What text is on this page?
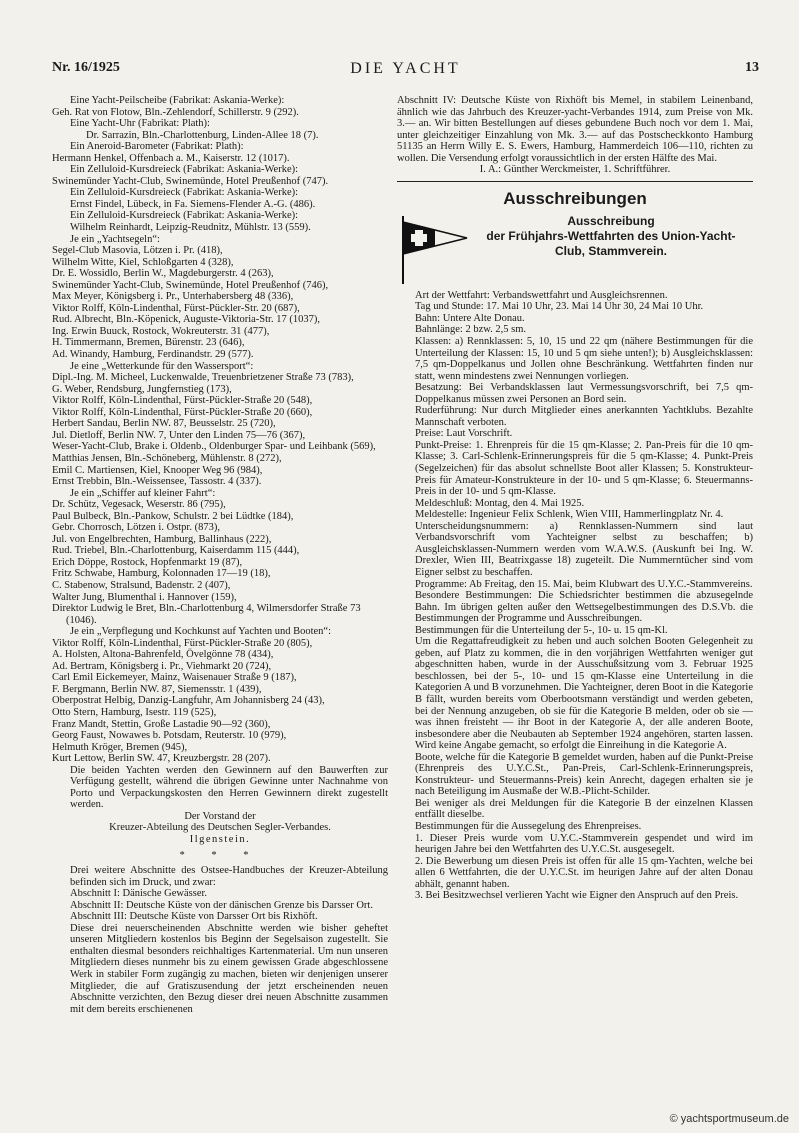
Nr. 16/1925	DIE YACHT	13

Eine Yacht-Peilscheibe (Fabrikat: Askania-Werke):

Geh. Rat von Flotow, Bln.-Zehlendorf, Schillerstr. 9 (292).

Eine Yacht-Uhr (Fabrikat: Plath):

Dr. Sarrazin, Bln.-Charlottenburg, Linden-Allee 18 (7).

Ein Aneroid-Barometer (Fabrikat: Plath):

Hermann Henkel, Offenbach a. M., Kaiserstr. 12 (1017).

Ein Zelluloid-Kursdreieck (Fabrikat: Askania-Werke):

Swinemünder Yacht-Club, Swinemünde, Hotel Preußenhof (747).

Ein Zelluloid-Kursdreieck (Fabrikat: Askania-Werke):

Ernst Findel, Lübeck, in Fa. Siemens-Flender A.-G. (486).

Ein Zelluloid-Kursdreieck (Fabrikat: Askania-Werke):

Wilhelm Reinhardt, Leipzig-Reudnitz, Mühlstr. 13 (559).

Je ein „Yachtsegeln“:

Segel-Club Masovia, Lötzen i. Pr. (418),

Wilhelm Witte, Kiel, Schloßgarten 4 (328),

Dr. E. Wossidlo, Berlin W., Magdeburgerstr. 4 (263),

Swinemünder Yacht-Club, Swinemünde, Hotel Preußenhof (746),

Max Meyer, Königsberg i. Pr., Unterhabersberg 48 (336),

Viktor Rolff, Köln-Lindenthal, Fürst-Pückler-Str. 20 (687),

Rud. Albrecht, Bln.-Köpenick, Auguste-Viktoria-Str. 17 (1037),

Ing. Erwin Buuck, Rostock, Wokreuterstr. 31 (477),

H. Timmermann, Bremen, Bürenstr. 23 (646),

Ad. Winandy, Hamburg, Ferdinandstr. 29 (577).

Je eine „Wetterkunde für den Wassersport“:

Dipl.-Ing. M. Micheel, Luckenwalde, Treuenbrietzener Straße 73 (783),

G. Weber, Rendsburg, Jungfernstieg (173),

Viktor Rolff, Köln-Lindenthal, Fürst-Pückler-Straße 20 (548),

Viktor Rolff, Köln-Lindenthal, Fürst-Pückler-Straße 20 (660),

Herbert Sandau, Berlin NW. 87, Beusselstr. 25 (720),

Jul. Dietloff, Berlin NW. 7, Unter den Linden 75—76 (367),

Weser-Yacht-Club, Brake i. Oldenb., Oldenburger Spar- und Leihbank (569),

Matthias Jensen, Bln.-Schöneberg, Mühlenstr. 8 (272),

Emil C. Martiensen, Kiel, Knooper Weg 96 (984),

Ernst Trebbin, Bln.-Weissensee, Tassostr. 4 (337).

Je ein „Schiffer auf kleiner Fahrt“:

Dr. Schütz, Vegesack, Weserstr. 86 (795),

Paul Bulbeck, Bln.-Pankow, Schulstr. 2 bei Lüdtke (184),

Gebr. Chorrosch, Lötzen i. Ostpr. (873),

Jul. von Engelbrechten, Hamburg, Ballinhaus (222),

Rud. Triebel, Bln.-Charlottenburg, Kaiserdamm 115 (444),

Erich Döppe, Rostock, Hopfenmarkt 19 (87),

Fritz Schwabe, Hamburg, Kolonnaden 17—19 (18),

C. Stabenow, Stralsund, Badenstr. 2 (407),

Walter Jung, Blumenthal i. Hannover (159),

Direktor Ludwig le Bret, Bln.-Charlottenburg 4, Wilmersdorfer Straße 73 (1046).

Je ein „Verpflegung und Kochkunst auf Yachten und Booten“:

Viktor Rolff, Köln-Lindenthal, Fürst-Pückler-Straße 20 (805),

A. Holsten, Altona-Bahrenfeld, Övelgönne 78 (434),

Ad. Bertram, Königsberg i. Pr., Viehmarkt 20 (724),

Carl Emil Eickemeyer, Mainz, Waisenauer Straße 9 (187),

F. Bergmann, Berlin NW. 87, Siemensstr. 1 (439),

Oberpostrat Helbig, Danzig-Langfuhr, Am Johannisberg 24 (43),

Otto Stern, Hamburg, Isestr. 119 (525),

Franz Mandt, Stettin, Große Lastadie 90—92 (360),

Georg Faust, Nowawes b. Potsdam, Reuterstr. 10 (979),

Helmuth Kröger, Bremen (945),

Kurt Lettow, Berlin SW. 47, Kreuzbergstr. 28 (207).

Die beiden Yachten werden den Gewinnern auf den Bauwerften zur Verfügung gestellt, während die übrigen Gewinne unter Nachnahme von Porto und Verpackungskosten den Herren Gewinnern direkt zugestellt werden.

Der Vorstand der

Kreuzer-Abteilung des Deutschen Segler-Verbandes.

Ilgenstein.

* * *

Drei weitere Abschnitte des Ostsee-Handbuches der Kreuzer-Abteilung befinden sich im Druck, und zwar:

Abschnitt I: Dänische Gewässer.

Abschnitt II: Deutsche Küste von der dänischen Grenze bis Darsser Ort.

Abschnitt III: Deutsche Küste von Darsser Ort bis Rixhöft.

Diese drei neuerscheinenden Abschnitte werden wie bisher geheftet unseren Mitgliedern kostenlos bis Beginn der Segelsaison zugestellt. Sie enthalten diesmal besonders reichhaltiges Kartenmaterial. Um nun unseren Mitgliedern dieses nunmehr bis zu einem gewissen Grade abgeschlossene Werk in stabiler Form zugängig zu machen, bieten wir denjenigen unserer Mitglieder, die auf Gratiszusendung der jetzt erscheinenden neuen Abschnitte verzichten, den Bezug dieser drei neuen Abschnitte zusammen mit dem bereits erschienenen

Abschnitt IV: Deutsche Küste von Rixhöft bis Memel, in stabilem Leinenband, ähnlich wie das Jahrbuch des Kreuzer-yacht-Verbandes 1914, zum Preise von Mk. 3.— an. Wir bitten Bestellungen auf dieses gebundene Buch noch vor dem 1. Mai, unter gleichzeitiger Einzahlung von Mk. 3.— auf das Postscheckkonto Hamburg 51135 an Herrn Willy E. S. Ewers, Hamburg, Hammerdeich 106—110, richten zu wollen. Die Versendung erfolgt voraussichtlich in der ersten Hälfte des Mai.

I. A.: Günther Werckmeister, 1. Schriftführer.

Ausschreibungen

Ausschreibung
der Frühjahrs-Wettfahrten des Union-Yacht-
Club, Stammverein.

Art der Wettfahrt: Verbandswettfahrt und Ausgleichsrennen.

Tag und Stunde: 17. Mai 10 Uhr, 23. Mai 14 Uhr 30, 24 Mai 10 Uhr.

Bahn: Untere Alte Donau.

Bahnlänge: 2 bzw. 2,5 sm.

Klassen: a) Rennklassen: 5, 10, 15 und 22 qm (nähere Bestimmungen für die Unterteilung der Klassen: 15, 10 und 5 qm siehe unten!); b) Ausgleichsklassen: 7,5 qm-Doppelkanus und Jollen ohne Beschränkung. Wettfahrten finden nur statt, wenn mindestens zwei Nennungen vorliegen.

Besatzung: Bei Verbandsklassen laut Vermessungsvorschrift, bei 7,5 qm-Doppelkanus müssen zwei Personen an Bord sein.

Ruderführung: Nur durch Mitglieder eines anerkannten Yachtklubs. Bezahlte Mannschaft verboten.

Preise: Laut Vorschrift.

Punkt-Preise: 1. Ehrenpreis für die 15 qm-Klasse; 2. Pan-Preis für die 10 qm-Klasse; 3. Carl-Schlenk-Erinnerungspreis für die 5 qm-Klasse; 4. Punkt-Preis (Segelzeichen) für das absolut schnellste Boot aller Klassen; 5. Konstrukteur-Preis für Amateur-Konstrukteure in der 10- und 5 qm-Klasse; 6. Steuermanns-Preis in der 10- und 5 qm-Klasse.

Meldeschluß: Montag, den 4. Mai 1925.

Meldestelle: Ingenieur Felix Schlenk, Wien VIII, Hammerlingplatz Nr. 4.

Unterscheidungsnummern: a) Rennklassen-Nummern sind laut Verbandsvorschrift vom Yachteigner selbst zu beschaffen; b) Ausgleichsklassen-Nummern werden vom W.A.W.S. (Auskunft bei Ing. W. Drexler, Wien III, Beatrixgasse 18) zugeteilt. Die Nummerntücher sind vom Eigner selbst zu beschaffen.

Programme: Ab Freitag, den 15. Mai, beim Klubwart des U.Y.C.-Stammvereins.

Besondere Bestimmungen: Die Schiedsrichter bestimmen die abzusegelnde Bahn. Im übrigen gelten außer den Wettsegelbestimmungen des D.S.Vb. die Bestimmungen der Programme und Ausschreibungen.

Bestimmungen für die Unterteilung der 5-, 10- u. 15 qm-Kl.

Um die Regattafreudigkeit zu heben und auch solchen Booten Gelegenheit zu geben, auf Platz zu kommen, die in den vorjährigen Wettfahrten weniger gut abgeschnitten haben, wurde in der Ausschußsitzung vom 3. Februar 1925 beschlossen, bei der 5-, 10- und 15 qm-Klasse eine Unterteilung in die Kategorien A und B vorzunehmen. Die Yachteigner, deren Boot in die Kategorie B fällt, wurden bereits vom Oberbootsmann verständigt und werden gebeten, bei der Nennung anzugeben, ob sie für die Kategorie B melden, oder ob sie — was ihnen freisteht — ihr Boot in der Kategorie A, der alle anderen Boote, insbesondere aber die Neubauten ab September 1924 angehören, starten lassen. Wird keine Angabe gemacht, so erfolgt die Einreihung in die Kategorie A.

Boote, welche für die Kategorie B gemeldet wurden, haben auf die Punkt-Preise (Ehrenpreis des U.Y.C.St., Pan-Preis, Carl-Schlenk-Erinnerungspreis, Konstrukteur- und Steuermanns-Preis) kein Anrecht, dagegen erhalten sie je nach Beteiligung im Ausmaße der W.B.-Plicht-Schilder.

Bei weniger als drei Meldungen für die Kategorie B der einzelnen Klassen entfällt dieselbe.

Bestimmungen für die Aussegelung des Ehrenpreises.

1. Dieser Preis wurde vom U.Y.C.-Stammverein gespendet und wird im heurigen Jahre bei den Wettfahrten des U.Y.C.St. ausgesegelt.

2. Die Bewerbung um diesen Preis ist offen für alle 15 qm-Yachten, welche bei allen 6 Wettfahrten, die der U.Y.C.St. im heurigen Jahre auf der alten Donau abhält, genannt haben.

3. Bei Besitzwechsel verlieren Yacht wie Eigner den Anspruch auf den Preis.

© yachtsportmuseum.de
